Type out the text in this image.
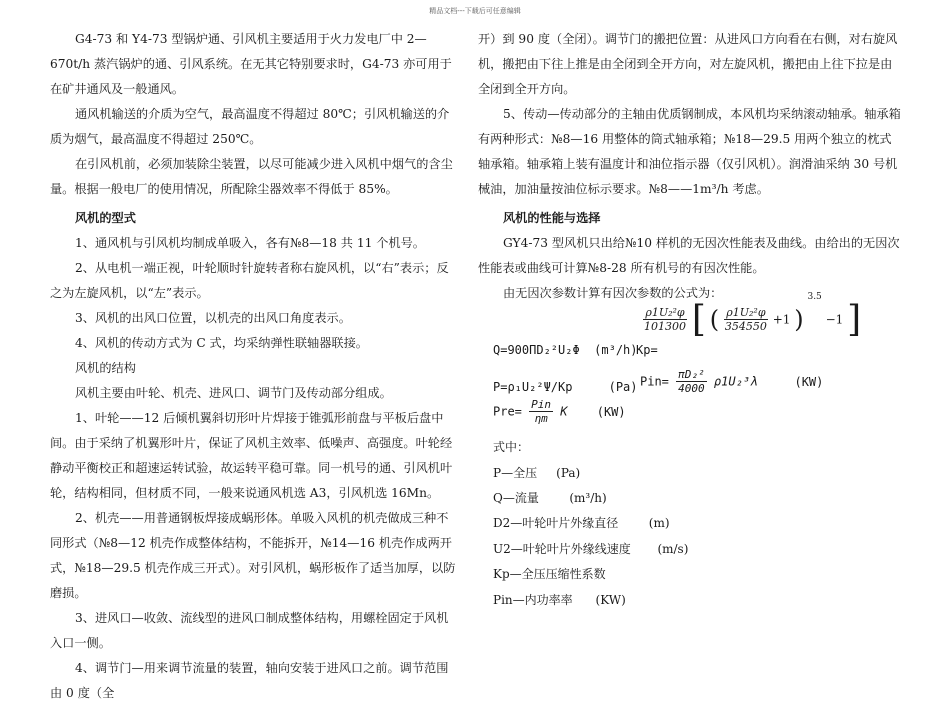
精品文档---下载后可任意编辑

G4-73 和 Y4-73 型锅炉通、引风机主要适用于火力发电厂中 2—670t/h 蒸汽锅炉的通、引风系统。在无其它特别要求时，G4-73 亦可用于在矿井通风及一般通风。

通风机输送的介质为空气，最高温度不得超过 80℃；引风机输送的介质为烟气，最高温度不得超过 250℃。

在引风机前，必须加装除尘装置，以尽可能减少进入风机中烟气的含尘量。根据一般电厂的使用情况，所配除尘器效率不得低于 85%。

风机的型式

1、通风机与引风机均制成单吸入，各有№8—18 共 11 个机号。

2、从电机一端正视，叶轮顺时针旋转者称右旋风机，以“右”表示；反之为左旋风机，以“左”表示。

3、风机的出风口位置，以机壳的出风口角度表示。

4、风机的传动方式为 C 式，均采纳弹性联轴器联接。

风机的结构

风机主要由叶轮、机壳、进风口、调节门及传动部分组成。

1、叶轮——12 后倾机翼斜切形叶片焊接于锥弧形前盘与平板后盘中间。由于采纳了机翼形叶片，保证了风机主效率、低噪声、高强度。叶轮经静动平衡校正和超速运转试验，故运转平稳可靠。同一机号的通、引风机叶轮，结构相同，但材质不同，一般来说通风机选 A3，引风机选 16Mn。

2、机壳——用普通钢板焊接成蜗形体。单吸入风机的机壳做成三种不同形式（№8—12 机壳作成整体结构，不能拆开，№14—16 机壳作成两开式，№18—29.5 机壳作成三开式）。对引风机，蜗形板作了适当加厚，以防磨损。

3、进风口—收敛、流线型的进风口制成整体结构，用螺栓固定于风机入口一侧。

4、调节门—用来调节流量的装置，轴向安装于进风口之前。调节范围由 0 度（全

开）到 90 度（全闭）。调节门的搬把位置：从进风口方向看在右侧，对右旋风机，搬把由下往上推是由全闭到全开方向，对左旋风机，搬把由上往下拉是由全闭到全开方向。

5、传动—传动部分的主轴由优质钢制成，本风机均采纳滚动轴承。轴承箱有两种形式：№8—16 用整体的筒式轴承箱；№18—29.5 用两个独立的枕式轴承箱。轴承箱上装有温度计和油位指示器（仅引风机）。润滑油采纳 30 号机械油，加油量按油位标示要求。№8——1m³/h 考虑。

风机的性能与选择

GY4-73 型风机只出给№10 样机的无因次性能表及曲线。由给出的无因次性能表或曲线可计算№8-28 所有机号的有因次性能。

由无因次参数计算有因次参数的公式为：

$\frac{\text{ρ1U₂²φ}}{101300}$ [ ( $\frac{\text{ρ1U₂²φ}}{354550} +1$ ) $^{3.5}$ −1 ]
Q=900ΠD₂²U₂Φ (m³/h)
Kp=
P=ρ₁U₂²Ψ/Kp	(Pa) $Pin= \frac{\text{πD₂²}}{4000} \rho 1U_2^3\lambda$	(KW)
$Pre= \frac{\text{Pin}}{\eta m}$ K (KW)
式中：
P—全压 (Pa)
Q—流量	(m³/h)
D2—叶轮叶片外缘直径	(m)
U2—叶轮叶片外缘线速度 (m/s)
Kp—全压压缩性系数
Pin—内功率率 (KW)
